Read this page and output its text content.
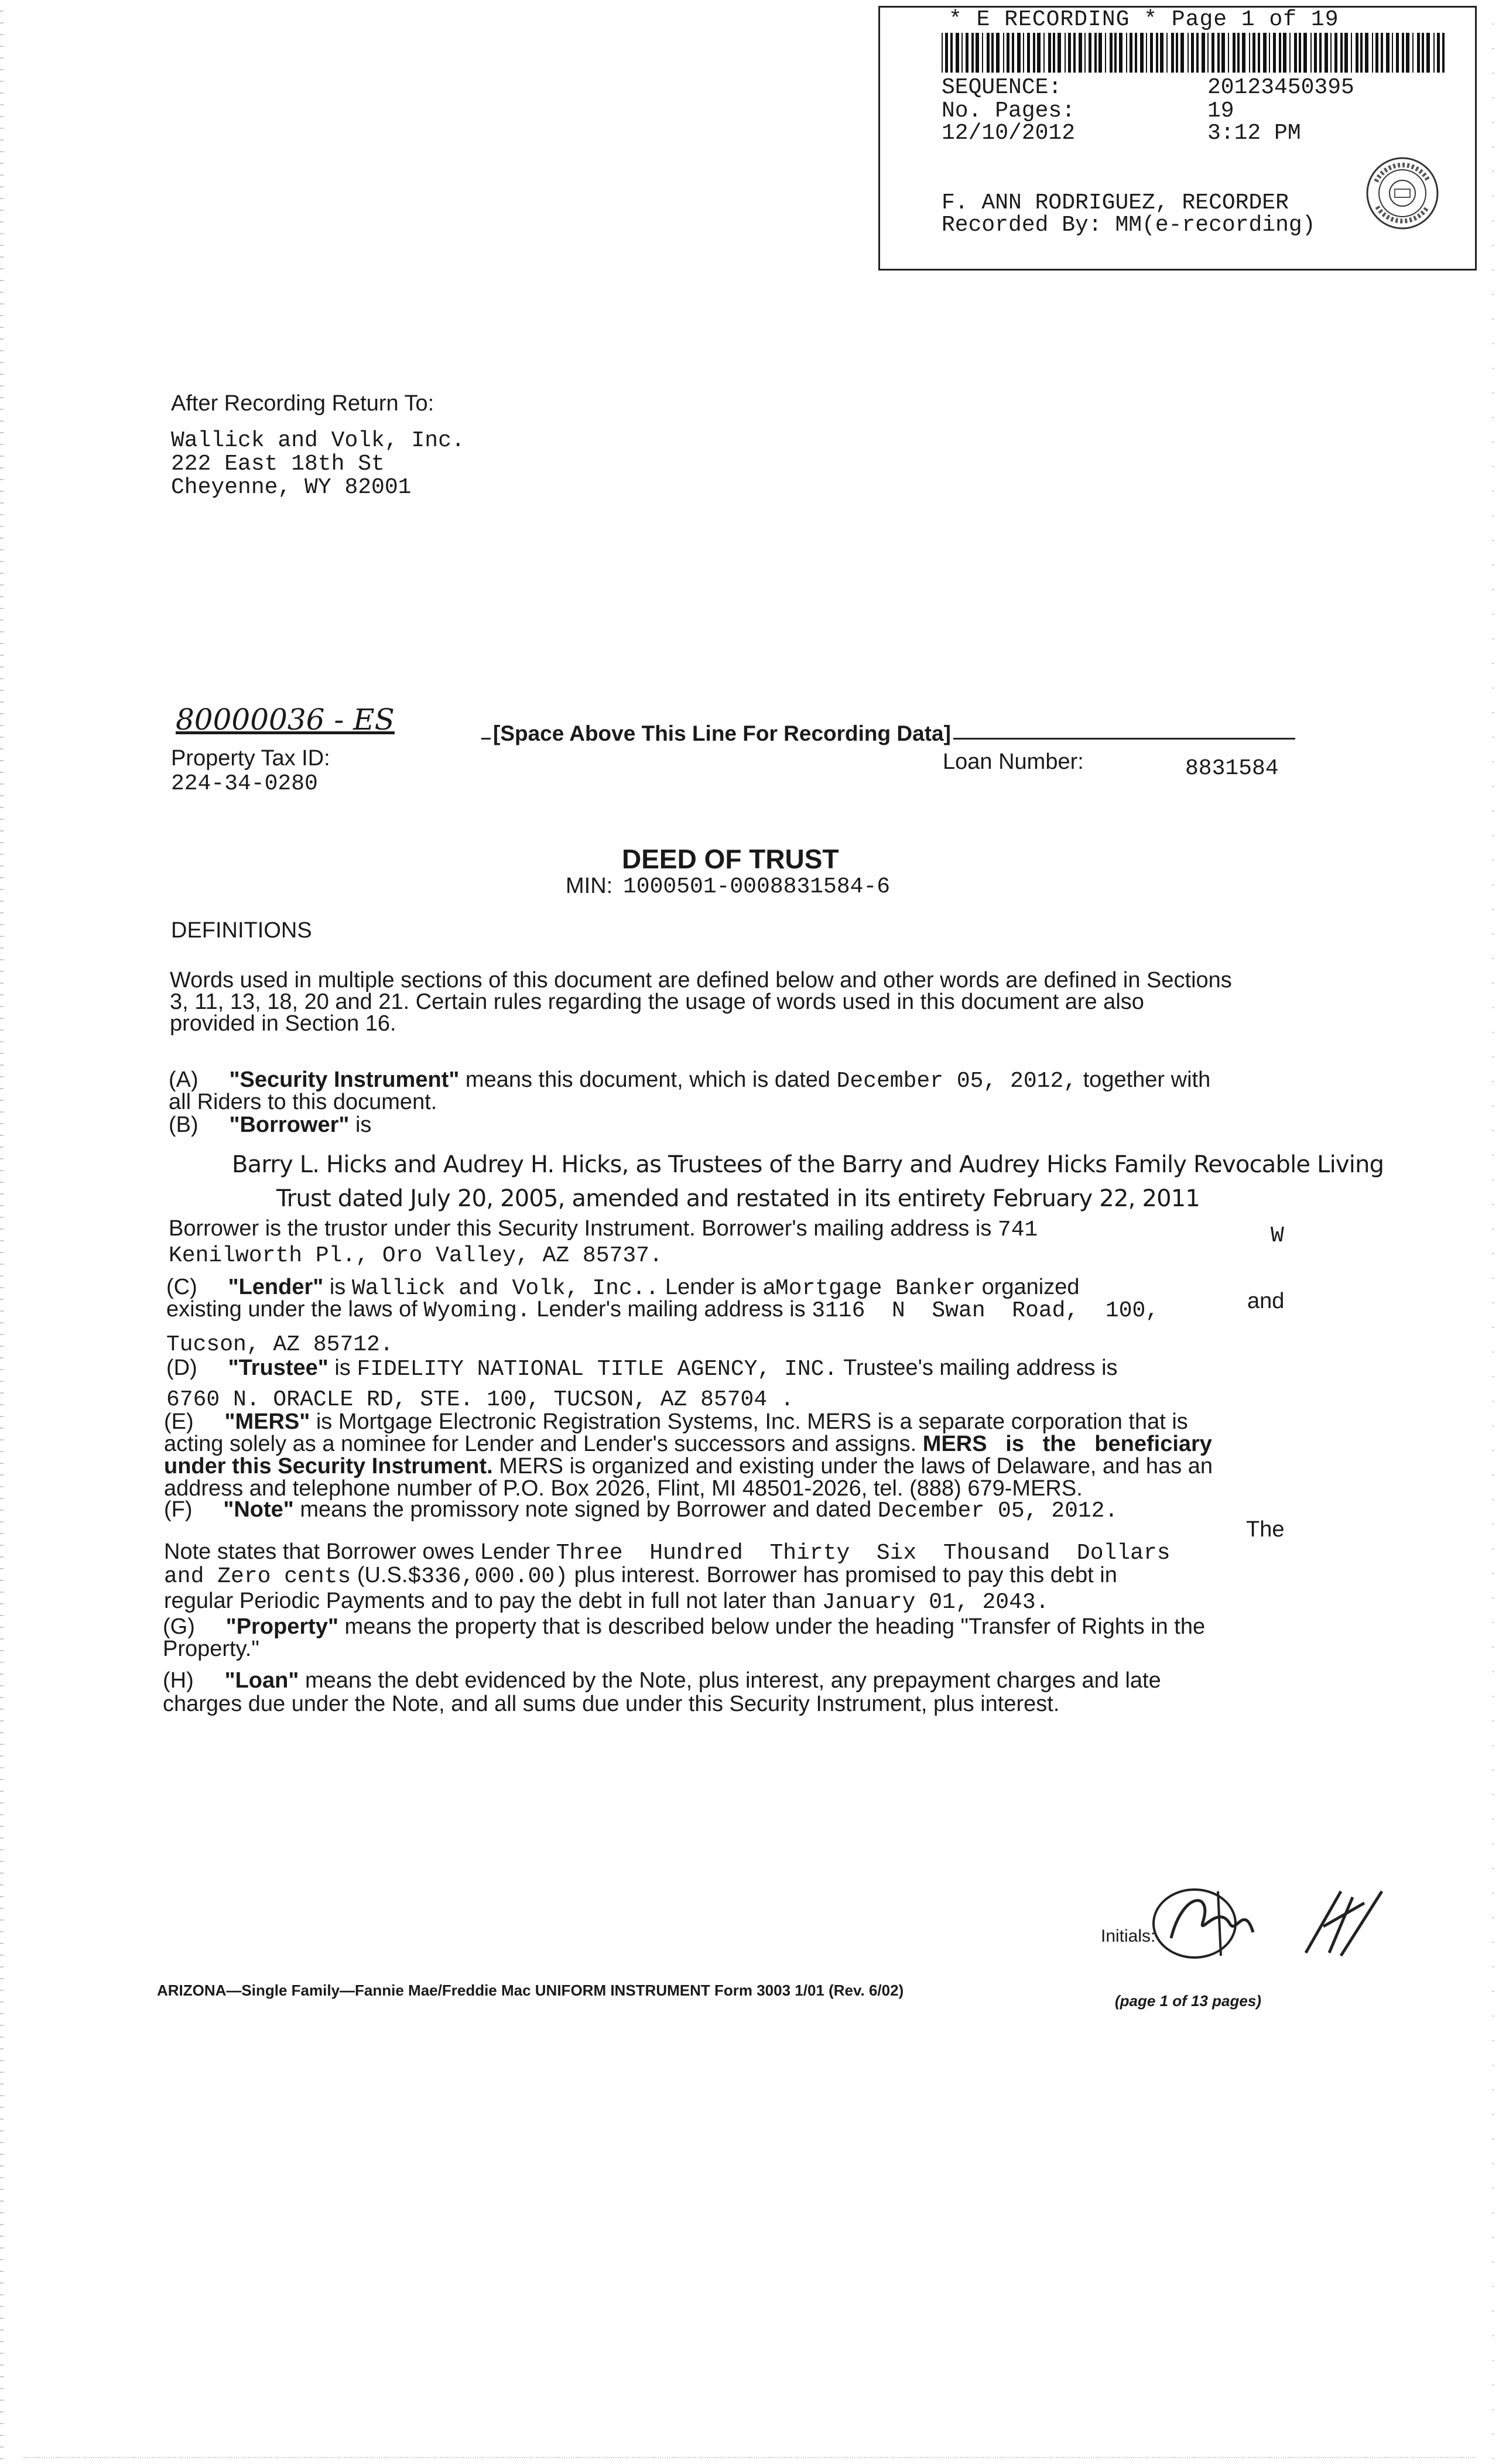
* E RECORDING * Page 1 of 19
SEQUENCE:	20123450395
No. Pages:	19
12/10/2012	3:12 PM
F. ANN RODRIGUEZ, RECORDER
Recorded By: MM(e-recording)
After Recording Return To:
Wallick and Volk, Inc.
222 East 18th St
Cheyenne, WY 82001
80000036 - ES	[Space Above This Line For Recording Data]
Property Tax ID:
224-34-0280
Loan Number:	8831584
DEED OF TRUST
MIN: 1000501-0008831584-6
DEFINITIONS
Words used in multiple sections of this document are defined below and other words are defined in Sections
3, 11, 13, 18, 20 and 21. Certain rules regarding the usage of words used in this document are also
provided in Section 16.
(A) "Security Instrument" means this document, which is dated December 05, 2012, together with
all Riders to this document.
(B) "Borrower" is
Barry L. Hicks and Audrey H. Hicks, as Trustees of the Barry and Audrey Hicks Family Revocable Living
Trust dated July 20, 2005, amended and restated in its entirety February 22, 2011
Borrower is the trustor under this Security Instrument. Borrower's mailing address is 741	W
Kenilworth Pl., Oro Valley, AZ 85737.
(C) "Lender" is Wallick and Volk, Inc.. Lender is aMortgage Banker organized
and
existing under the laws of Wyoming. Lender's mailing address is 3116  N  Swan  Road,  100,
Tucson, AZ 85712.
(D) "Trustee" is FIDELITY NATIONAL TITLE AGENCY, INC. Trustee's mailing address is
6760 N. ORACLE RD, STE. 100, TUCSON, AZ 85704 .
(E) "MERS" is Mortgage Electronic Registration Systems, Inc. MERS is a separate corporation that is
acting solely as a nominee for Lender and Lender's successors and assigns. MERS   is   the   beneficiary
under this Security Instrument. MERS is organized and existing under the laws of Delaware, and has an
address and telephone number of P.O. Box 2026, Flint, MI 48501-2026, tel. (888) 679-MERS.
(F) "Note" means the promissory note signed by Borrower and dated December 05, 2012.
The
Note states that Borrower owes Lender Three  Hundred  Thirty  Six  Thousand  Dollars
and Zero cents (U.S.$336,000.00) plus interest. Borrower has promised to pay this debt in
regular Periodic Payments and to pay the debt in full not later than January 01, 2043.
(G) "Property" means the property that is described below under the heading "Transfer of Rights in the
Property."
(H) "Loan" means the debt evidenced by the Note, plus interest, any prepayment charges and late
charges due under the Note, and all sums due under this Security Instrument, plus interest.
Initials:
ARIZONA—Single Family—Fannie Mae/Freddie Mac UNIFORM INSTRUMENT Form 3003 1/01 (Rev. 6/02)
(page 1 of 13 pages)
